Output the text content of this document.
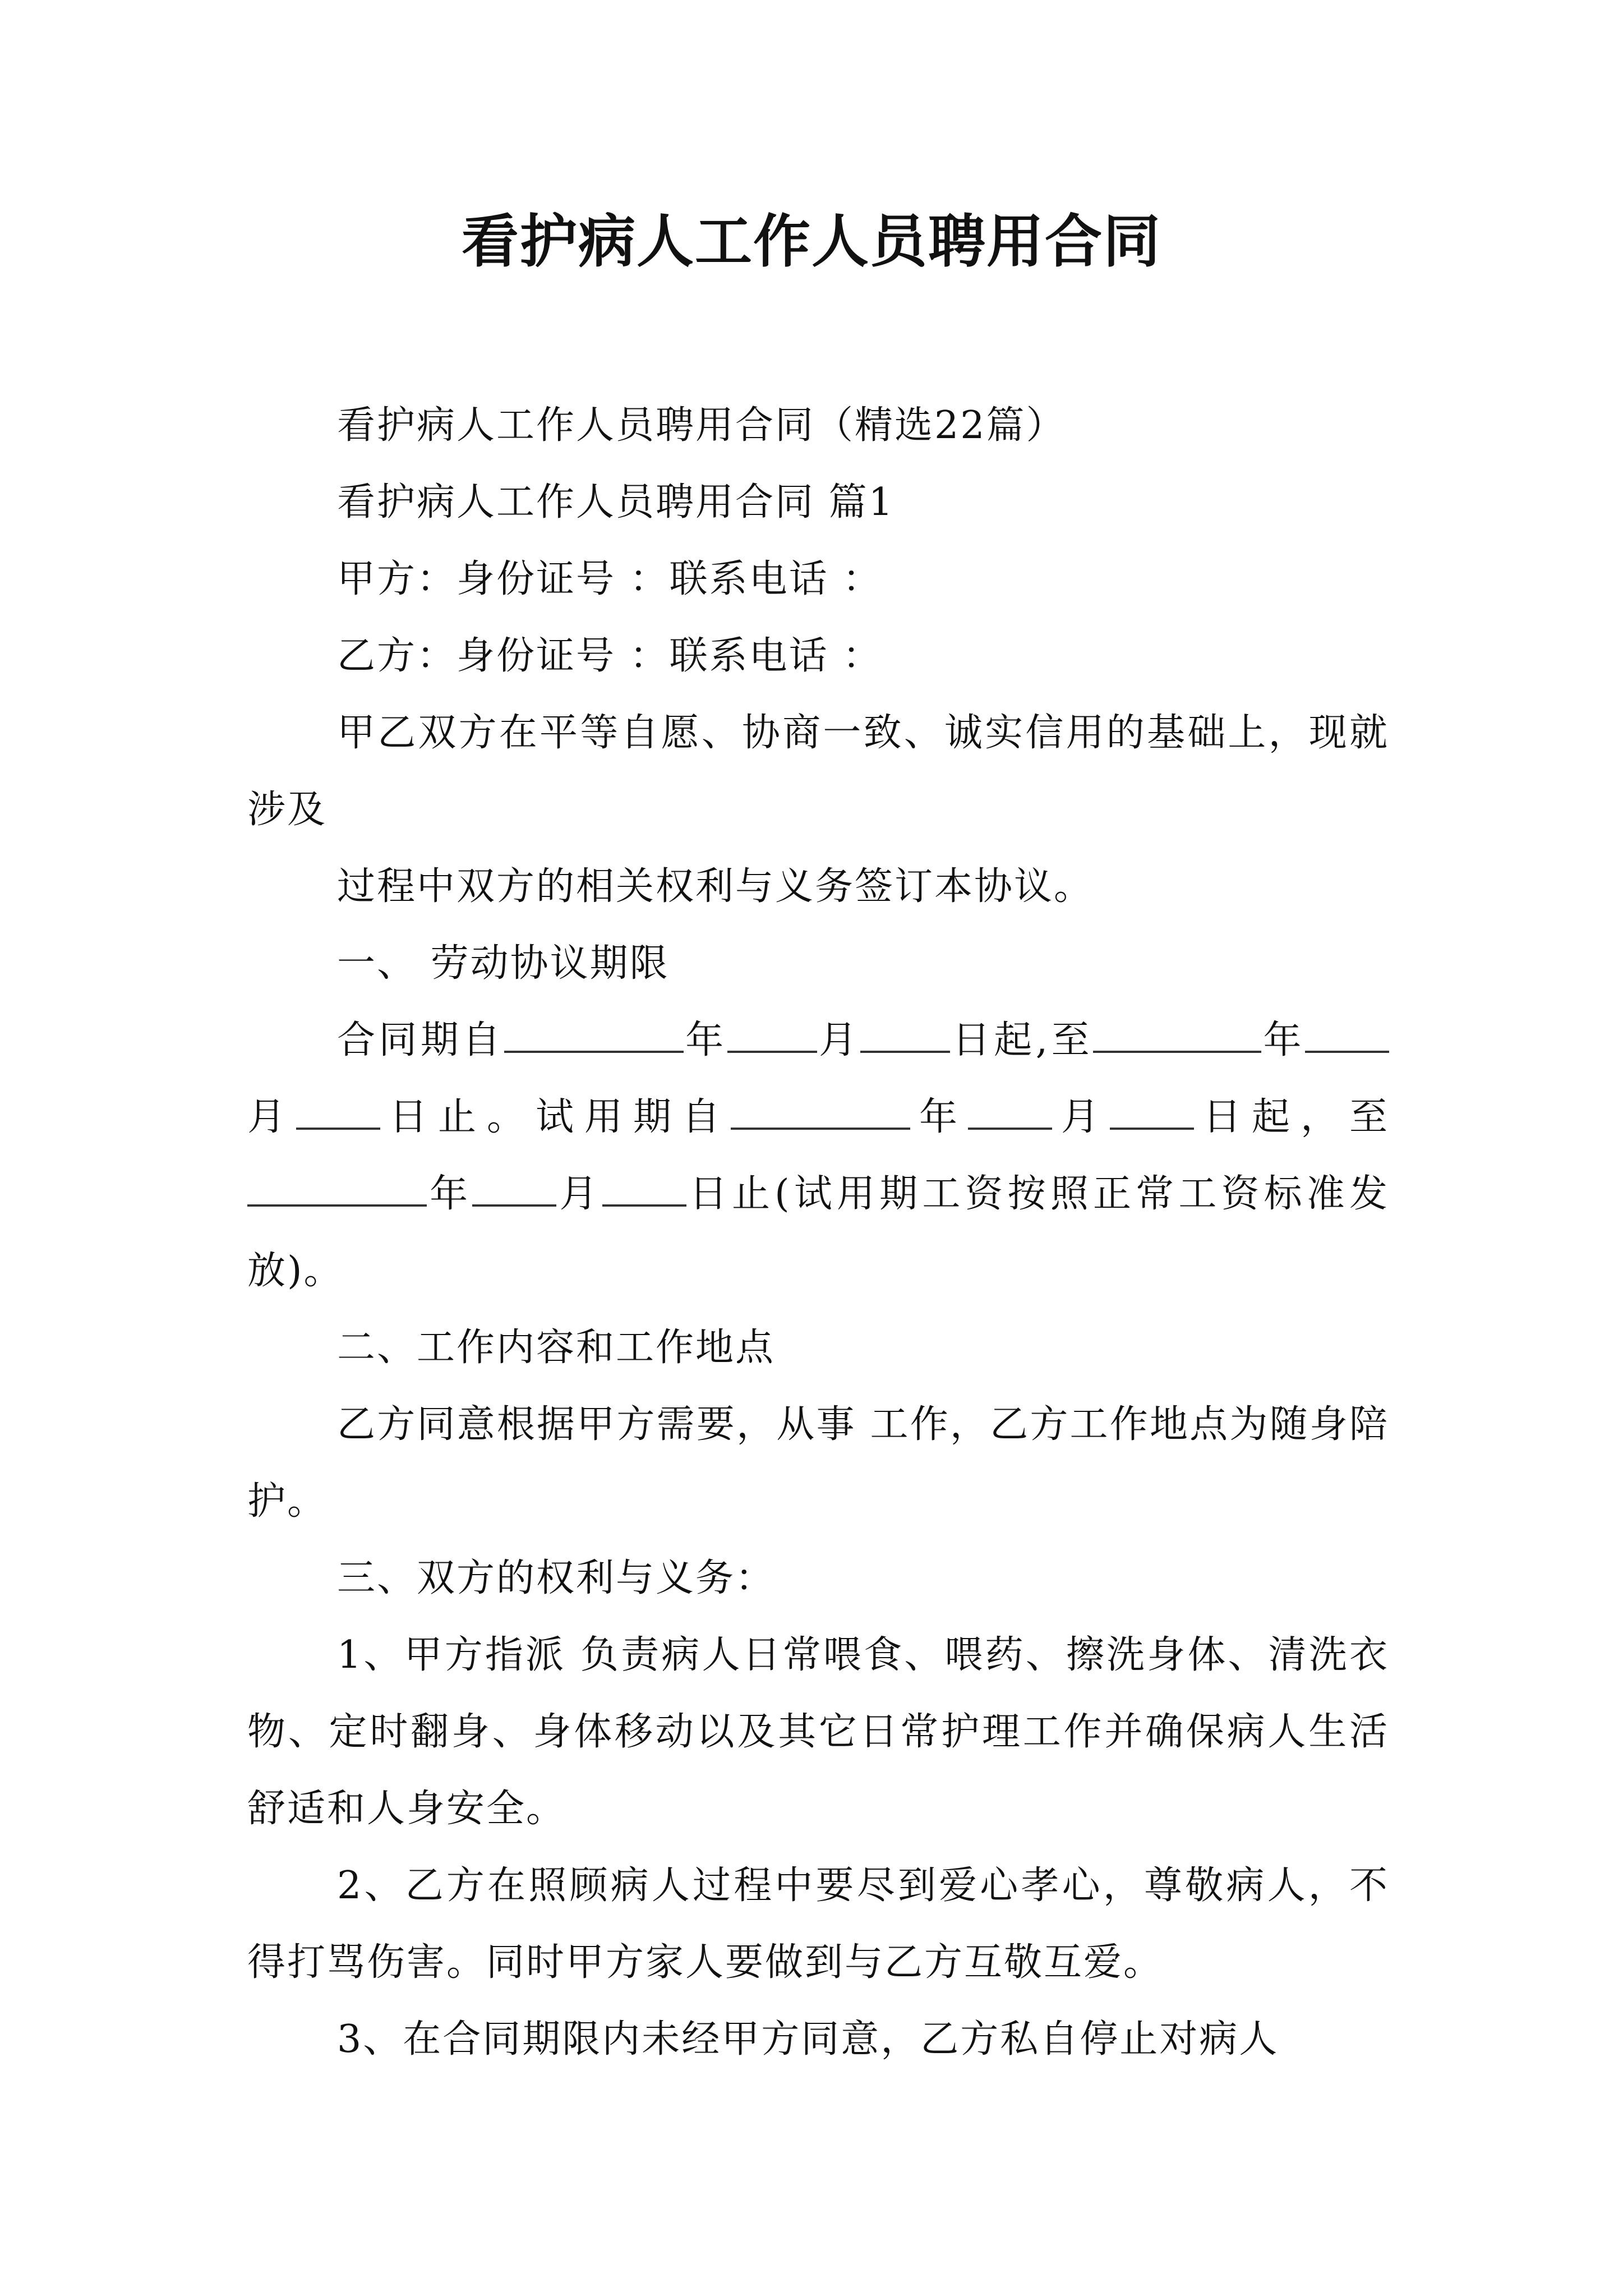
看护病人工作人员聘用合同

看护病人工作人员聘用合同（精选22篇）

看护病人工作人员聘用合同 篇1

甲方：身份证号 ：联系电话 ：

乙方：身份证号 ：联系电话 ：

甲乙双方在平等自愿、协商一致、诚实信用的基础上，现就涉及

过程中双方的相关权利与义务签订本协议。

一、 劳动协议期限

合同期自	年 月 日起,至	年月 日止。试用期自	年 月 日起，至年 月 日止(试用期工资按照正常工资标准发放)。

二、工作内容和工作地点

乙方同意根据甲方需要，从事 工作，乙方工作地点为随身陪护。

三、双方的权利与义务：

1、甲方指派 负责病人日常喂食、喂药、擦洗身体、清洗衣物、定时翻身、身体移动以及其它日常护理工作并确保病人生活舒适和人身安全。

2、乙方在照顾病人过程中要尽到爱心孝心，尊敬病人，不得打骂伤害。同时甲方家人要做到与乙方互敬互爱。

3、在合同期限内未经甲方同意，乙方私自停止对病人
